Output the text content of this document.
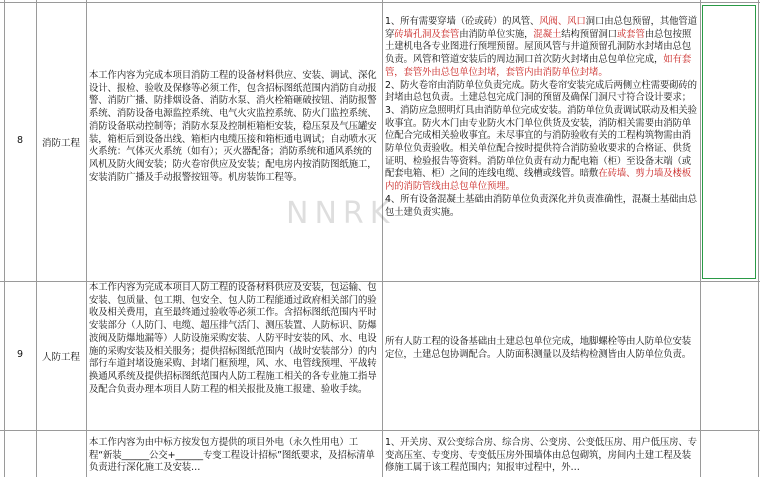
8	消防工程
本工作内容为完成本项目消防工程的设备材料供应、安装、调试、深化设计、报检、验收及保修等必须工作，包含招标图纸范围内消防自动报警、消防广播、防排烟设备、消防水泵、消火栓箱砸破按钮、消防报警系统、消防设备电源监控系统、电气火灾监控系统、防火门监控系统、消防设备联动控制等；消防水泵及控制柜箱柜安装，稳压泵及气压罐安装，箱柜后到设备出线、箱柜内电缆压接和箱柜通电调试；自动喷水灭火系统：气体灭火系统（如有）；灭火器配备；消防系统和通风系统的风机及防火阀安装；防火卷帘供应及安装；配电房内按消防图纸施工，安装消防广播及手动报警按钮等。机房装饰工程等。
1、所有需要穿墙（砼或砖）的风管、风阀、风口洞口由总包预留，其他管道穿砖墙孔洞及套管由消防单位实施，混凝土结构预留洞口或套管由总包按照土建机电各专业图进行预埋预留。屋顶风管与井道预留孔洞防水封堵由总包负责。风管和管道安装后的周边洞口首次防火封堵由总包单位完成，如有套管，套管外由总包单位封堵，套管内由消防单位封堵。
2、防火卷帘由消防单位负责完成。防火卷帘安装完成后两侧立柱需要砌砖的封堵由总包负责。土建总包完成门洞的预留及确保门洞尺寸符合设计要求；
3、消防应急照明灯具由消防单位完成安装。消防单位负责调试联动及相关验收事宜。防火木门由专业防火木门单位供货及安装，消防相关需要由消防单位配合完成相关验收事宜。未尽事宜的与消防验收有关的工程构筑物需由消防单位负责验收。相关单位配合按时提供符合消防验收要求的合格证、供货证明、检验报告等资料。消防单位负责有动力配电箱（柜）至设备末端（或配套电箱、柜）之间的连线电缆、线槽或线管。暗敷在砖墙、剪力墙及楼板内的消防管线由总包单位预埋。
4、所有设备混凝土基础由消防单位负责深化并负责准确性，混凝土基础由总包土建负责实施。
9	人防工程
本工作内容为完成本项目人防工程的设备材料供应及安装，包运输、包安装、包质量、包工期、包安全、包人防工程能通过政府相关部门的验收及相关费用，直至最终通过验收等必须工作。含招标图纸范围内平时安装部分（人防门、电缆、超压排气活门、测压装置、人防标识、防爆波阀及防爆地漏等）人防设施采购安装、人防平时安装的风、水、电设施的采购安装及相关服务；提供招标图纸范围内（战时安装部分）的内部行车道封堵设施采购、封堵门框预埋，风、水、电管线预埋、平战转换通风系统及提供招标图纸范围内人防工程施工相关的各专业施工指导及配合负责办理本项目人防工程的相关报批及施工报建、验收手续。
所有人防工程的设备基础由土建总包单位完成，地脚螺栓等由人防单位安装定位，土建总包协调配合。人防面积测量以及结构检测皆由人防单位负责。
本工作内容为由中标方按发包方提供的项目外电（永久性用电）工程“新装______公交+______专变工程设计招标”图纸要求，及招标清单负责进行深化施工及安装…
1、开关房、双公变综合房、综合房、公变房、公变低压房、用户低压房、专变高压室、专变房、专变低压房外围墙体由总包砌筑，房间内土建工程及装修施工属于该工程范围内；知报审过程中，外…
NNRK
